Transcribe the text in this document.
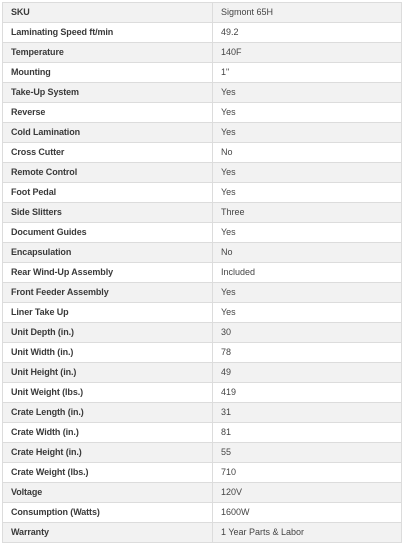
SKU	Sigmont 65H
Laminating Speed ft/min	49.2
Temperature	140F
Mounting	1"
Take-Up System	Yes
Reverse	Yes
Cold Lamination	Yes
Cross Cutter	No
Remote Control	Yes
Foot Pedal	Yes
Side Slitters	Three
Document Guides	Yes
Encapsulation	No
Rear Wind-Up Assembly	Included
Front Feeder Assembly	Yes
Liner Take Up	Yes
Unit Depth (in.)	30
Unit Width (in.)	78
Unit Height (in.)	49
Unit Weight (lbs.)	419
Crate Length (in.)	31
Crate Width (in.)	81
Crate Height (in.)	55
Crate Weight (lbs.)	710
Voltage	120V
Consumption (Watts)	1600W
Warranty	1 Year Parts & Labor
